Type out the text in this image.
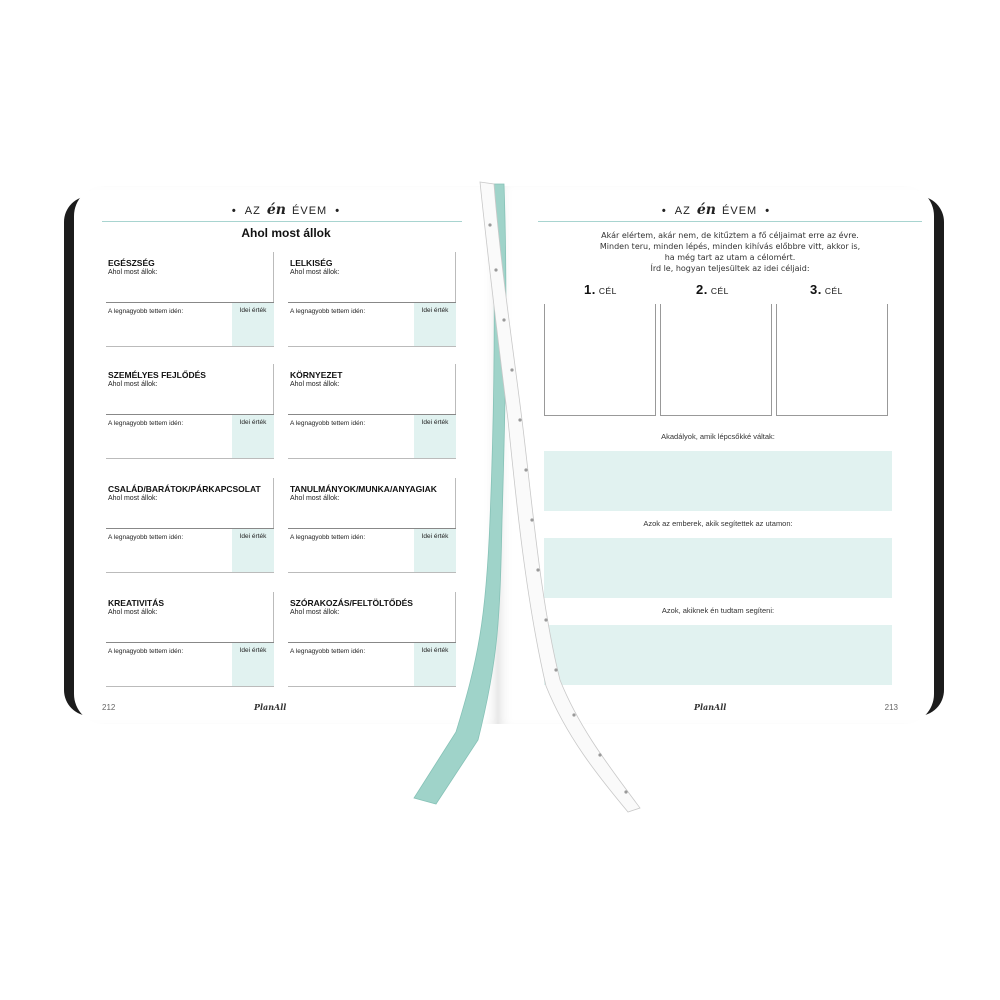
• AZ én ÉVEM •
Ahol most állok
EGÉSZSÉG
Ahol most állok:
A legnagyobb tettem idén:	Idei érték
LELKISÉG
Ahol most állok:
A legnagyobb tettem idén:	Idei érték
SZEMÉLYES FEJLŐDÉS
Ahol most állok:
A legnagyobb tettem idén:	Idei érték
KÖRNYEZET
Ahol most állok:
A legnagyobb tettem idén:	Idei érték
CSALÁD/BARÁTOK/PÁRKAPCSOLAT
Ahol most állok:
A legnagyobb tettem idén:	Idei érték
TANULMÁNYOK/MUNKA/ANYAGIAK
Ahol most állok:
A legnagyobb tettem idén:	Idei érték
KREATIVITÁS
Ahol most állok:
A legnagyobb tettem idén:	Idei érték
SZÓRAKOZÁS/FELTÖLTŐDÉS
Ahol most állok:
A legnagyobb tettem idén:	Idei érték
212	PlanAll
• AZ én ÉVEM •
Akár elértem, akár nem, de kitűztem a fő céljaimat erre az évre.
Minden teru, minden lépés, minden kihívás előbbre vitt, akkor is,
ha még tart az utam a célomért.
Írd le, hogyan teljesültek az idei céljaid:
1. CÉL	2. CÉL	3. CÉL
Akadályok, amik lépcsőkké váltak:
Azok az emberek, akik segítettek az utamon:
Azok, akiknek én tudtam segíteni:
PlanAll	213
